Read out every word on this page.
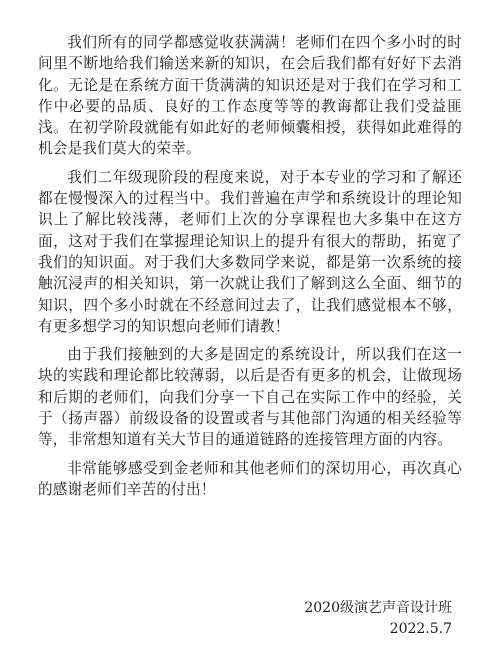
我们所有的同学都感觉收获满满！老师们在四个多小时的时间里不断地给我们输送来新的知识，在会后我们都有好好下去消化。无论是在系统方面干货满满的知识还是对于我们在学习和工作中必要的品质、良好的工作态度等等的教诲都让我们受益匪浅。在初学阶段就能有如此好的老师倾囊相授，获得如此难得的机会是我们莫大的荣幸。

我们二年级现阶段的程度来说，对于本专业的学习和了解还都在慢慢深入的过程当中。我们普遍在声学和系统设计的理论知识上了解比较浅薄，老师们上次的分享课程也大多集中在这方面，这对于我们在掌握理论知识上的提升有很大的帮助，拓宽了我们的知识面。对于我们大多数同学来说，都是第一次系统的接触沉浸声的相关知识，第一次就让我们了解到这么全面、细节的知识，四个多小时就在不经意间过去了，让我们感觉根本不够，有更多想学习的知识想向老师们请教！

由于我们接触到的大多是固定的系统设计，所以我们在这一块的实践和理论都比较薄弱，以后是否有更多的机会，让做现场和后期的老师们，向我们分享一下自己在实际工作中的经验，关于（扬声器）前级设备的设置或者与其他部门沟通的相关经验等等，非常想知道有关大节目的通道链路的连接管理方面的内容。

非常能够感受到金老师和其他老师们的深切用心，再次真心的感谢老师们辛苦的付出！

2020级演艺声音设计班
2022.5.7
